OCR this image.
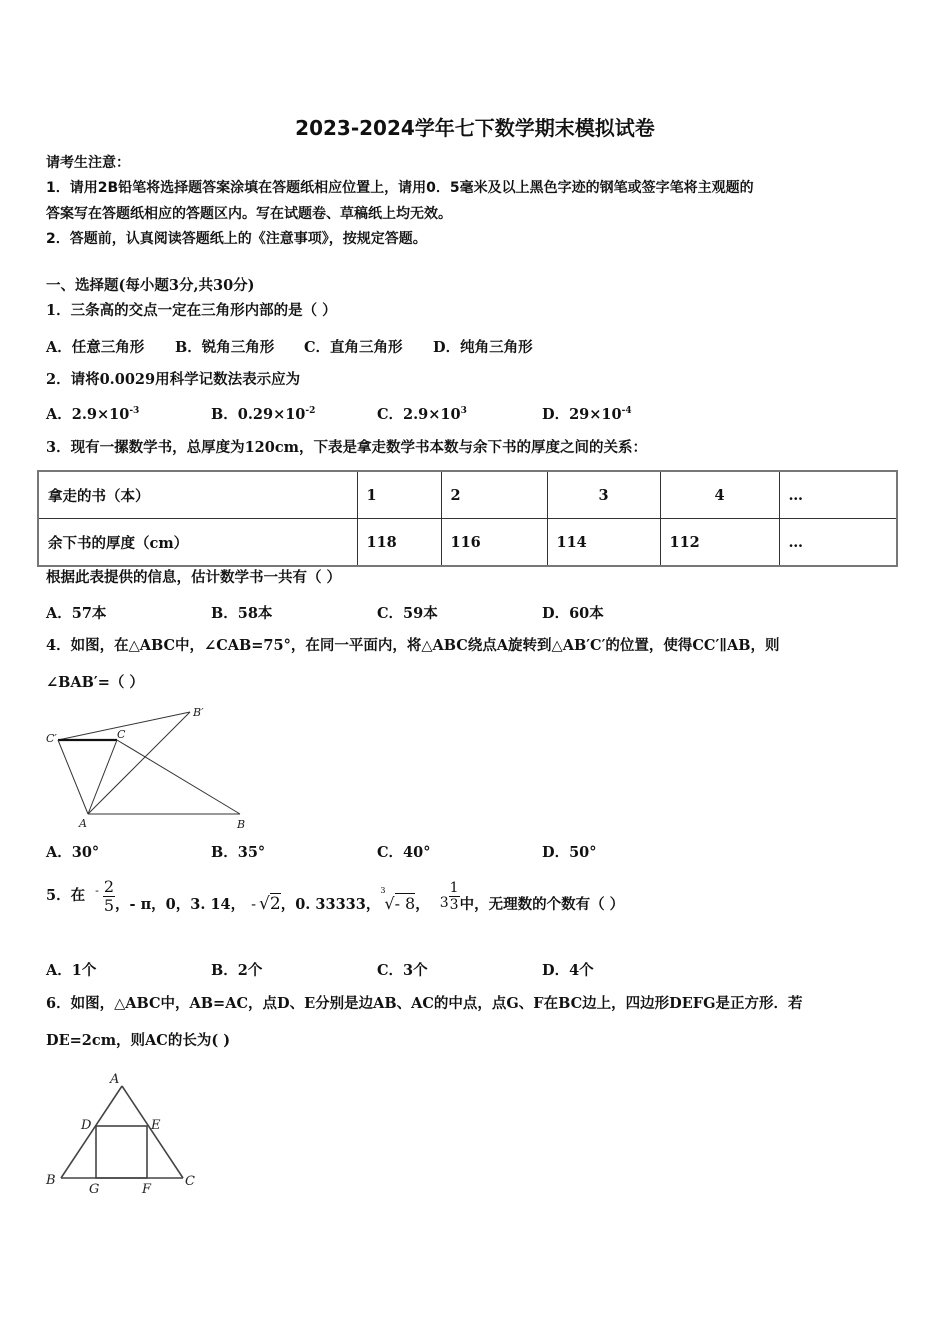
2023-2024学年七下数学期末模拟试卷
请考生注意：
1．请用2B铅笔将选择题答案涂填在答题纸相应位置上，请用0．5毫米及以上黑色字迹的钢笔或签字笔将主观题的
答案写在答题纸相应的答题区内。写在试题卷、草稿纸上均无效。
2．答题前，认真阅读答题纸上的《注意事项》，按规定答题。
一、选择题(每小题3分,共30分)
1．三条高的交点一定在三角形内部的是（ ）
A．任意三角形 B．锐角三角形 C．直角三角形 D．纯角三角形
2．请将0.0029用科学记数法表示应为
A．$2.9\times 10^{-3}$	B．$0.29\times 10^{-2}$	C．$2.9\times 10^3$	D．$29\times 10^{-4}$
3．现有一摞数学书，总厚度为120cm，下表是拿走数学书本数与余下书的厚度之间的关系：
拿走的书（本）	1	2	3	4	…
余下书的厚度（cm）	118	116	114	112	…
根据此表提供的信息，估计数学书一共有（ ）
A．57本	B．58本	C．59本	D．60本
4．如图，在△ABC中，∠CAB=75°，在同一平面内，将△ABC绕点A旋转到△AB′C′的位置，使得CC′∥AB，则
∠BAB′=（ ）
C′	C
B′
A	B
A
D	E
B
G	F
C
A．30°	B．35°	C．40°	D．50°
5．在 - $\frac{2}{5}$ ，- π，0，3. 14， - √2 ，0. 33333，
3
√- 8 ， $3 \frac{1}{3}$ 中，无理数的个数有（ ）
A．1个	B．2个	C．3个	D．4个
6．如图，△ABC中，AB=AC，点D、E分别是边AB、AC的中点，点G、F在BC边上，四边形DEFG是正方形．若
DE=2cm，则AC的长为( )
